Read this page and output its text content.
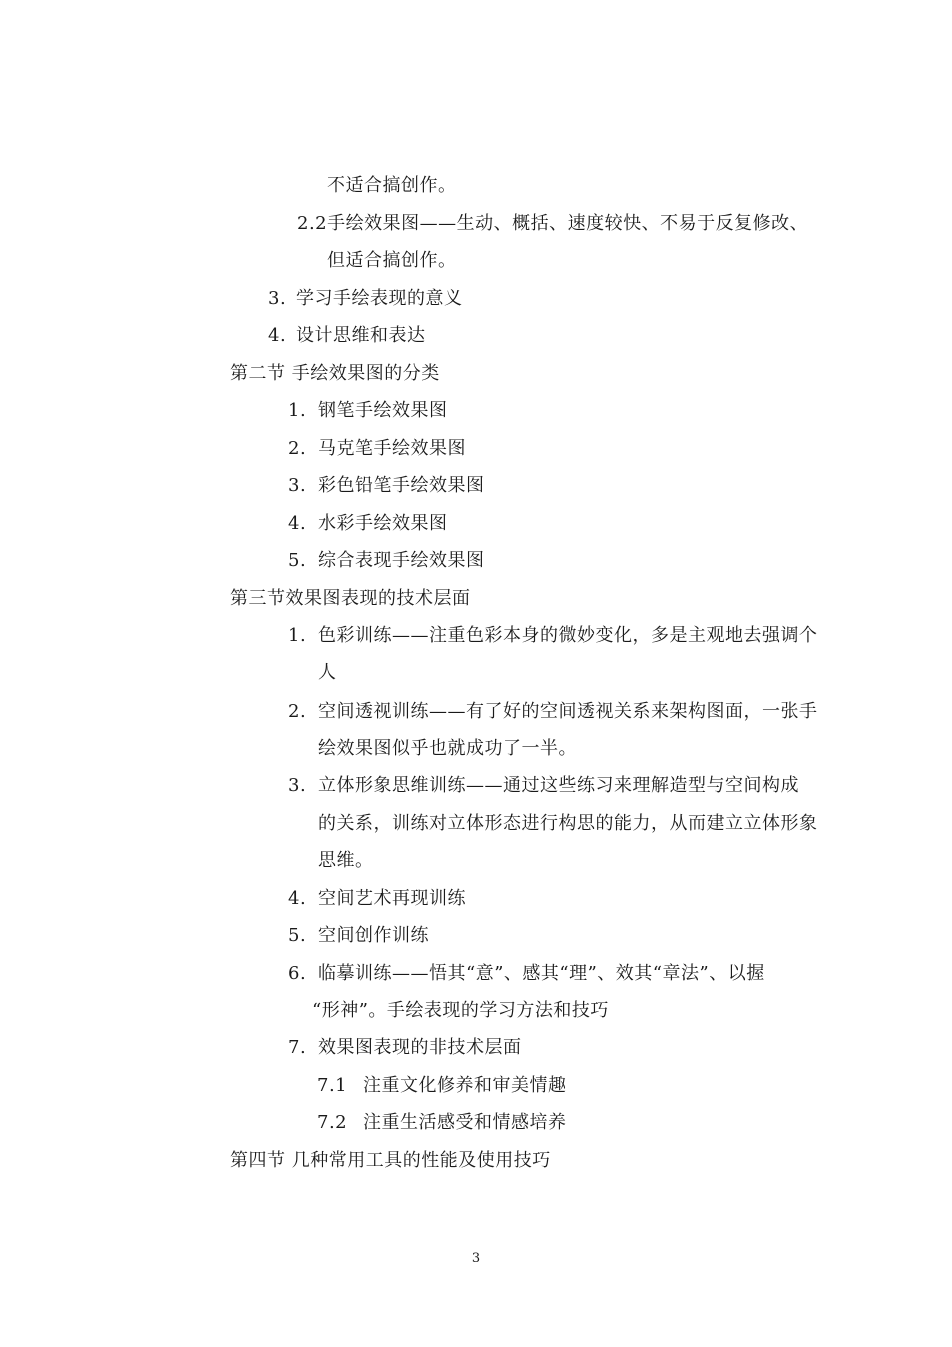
不适合搞创作。
2.2手绘效果图——生动、概括、速度较快、不易于反复修改、
但适合搞创作。
3. 学习手绘表现的意义
4. 设计思维和表达
第二节 手绘效果图的分类
1. 钢笔手绘效果图
2. 马克笔手绘效果图
3. 彩色铅笔手绘效果图
4. 水彩手绘效果图
5. 综合表现手绘效果图
第三节效果图表现的技术层面
1. 色彩训练——注重色彩本身的微妙变化，多是主观地去强调个
人
2. 空间透视训练——有了好的空间透视关系来架构图面，一张手
绘效果图似乎也就成功了一半。
3. 立体形象思维训练——通过这些练习来理解造型与空间构成
的关系，训练对立体形态进行构思的能力，从而建立立体形象
思维。
4. 空间艺术再现训练
5. 空间创作训练
6. 临摹训练——悟其“意”、感其“理”、效其“章法”、以握
“形神”。手绘表现的学习方法和技巧
7. 效果图表现的非技术层面
7.1 注重文化修养和审美情趣
7.2 注重生活感受和情感培养
第四节 几种常用工具的性能及使用技巧
3
